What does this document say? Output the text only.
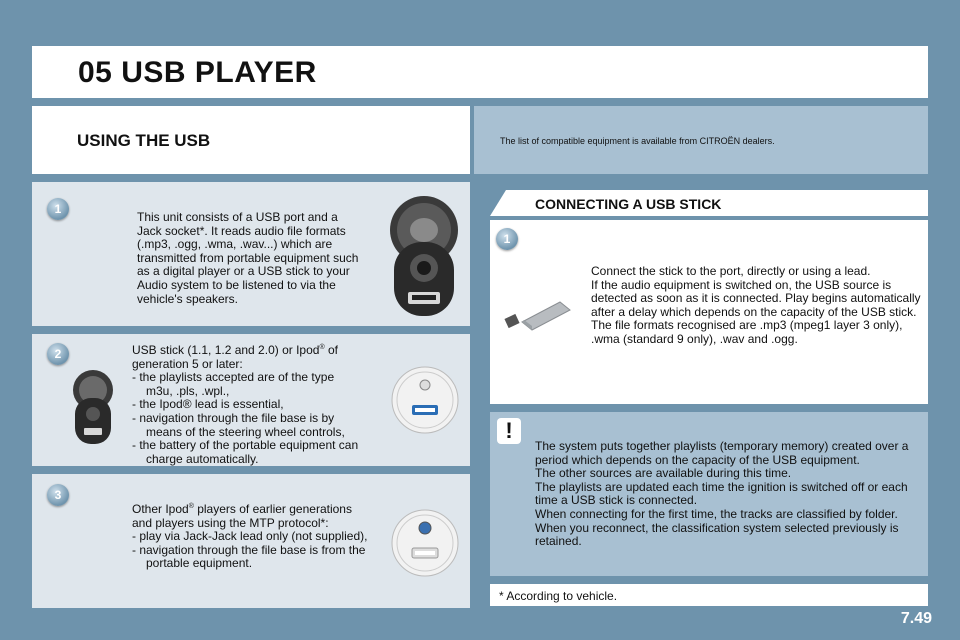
05 USB PLAYER
USING THE USB	The list of compatible equipment is available from CITROËN dealers.
1
This unit consists of a USB port and a Jack socket*. It reads audio file formats (.mp3, .ogg, .wma, .wav...) which are transmitted from portable equipment such as a digital player or a USB stick to your Audio system to be listened to via the vehicle's speakers.
2	USB stick (1.1, 1.2 and 2.0) or Ipod® of generation 5 or later:

- the playlists accepted are of the type m3u, .pls, .wpl.,
- the Ipod® lead is essential,
- navigation through the file base is by means of the steering wheel controls,
- the battery of the portable equipment can charge automatically.
3

Other Ipod® players of earlier generations and players using the MTP protocol*:

- play via Jack-Jack lead only (not supplied),
- navigation through the file base is from the portable equipment.
CONNECTING A USB STICK
1

Connect the stick to the port, directly or using a lead.

If the audio equipment is switched on, the USB source is detected as soon as it is connected. Play begins automatically after a delay which depends on the capacity of the USB stick.

The file formats recognised are .mp3 (mpeg1 layer 3 only), .wma (standard 9 only), .wav and .ogg.

!

The system puts together playlists (temporary memory) created over a period which depends on the capacity of the USB equipment.

The other sources are available during this time.

The playlists are updated each time the ignition is switched off or each time a USB stick is connected.

When connecting for the first time, the tracks are classified by folder. When you reconnect, the classification system selected previously is retained.

* According to vehicle.
7.49
